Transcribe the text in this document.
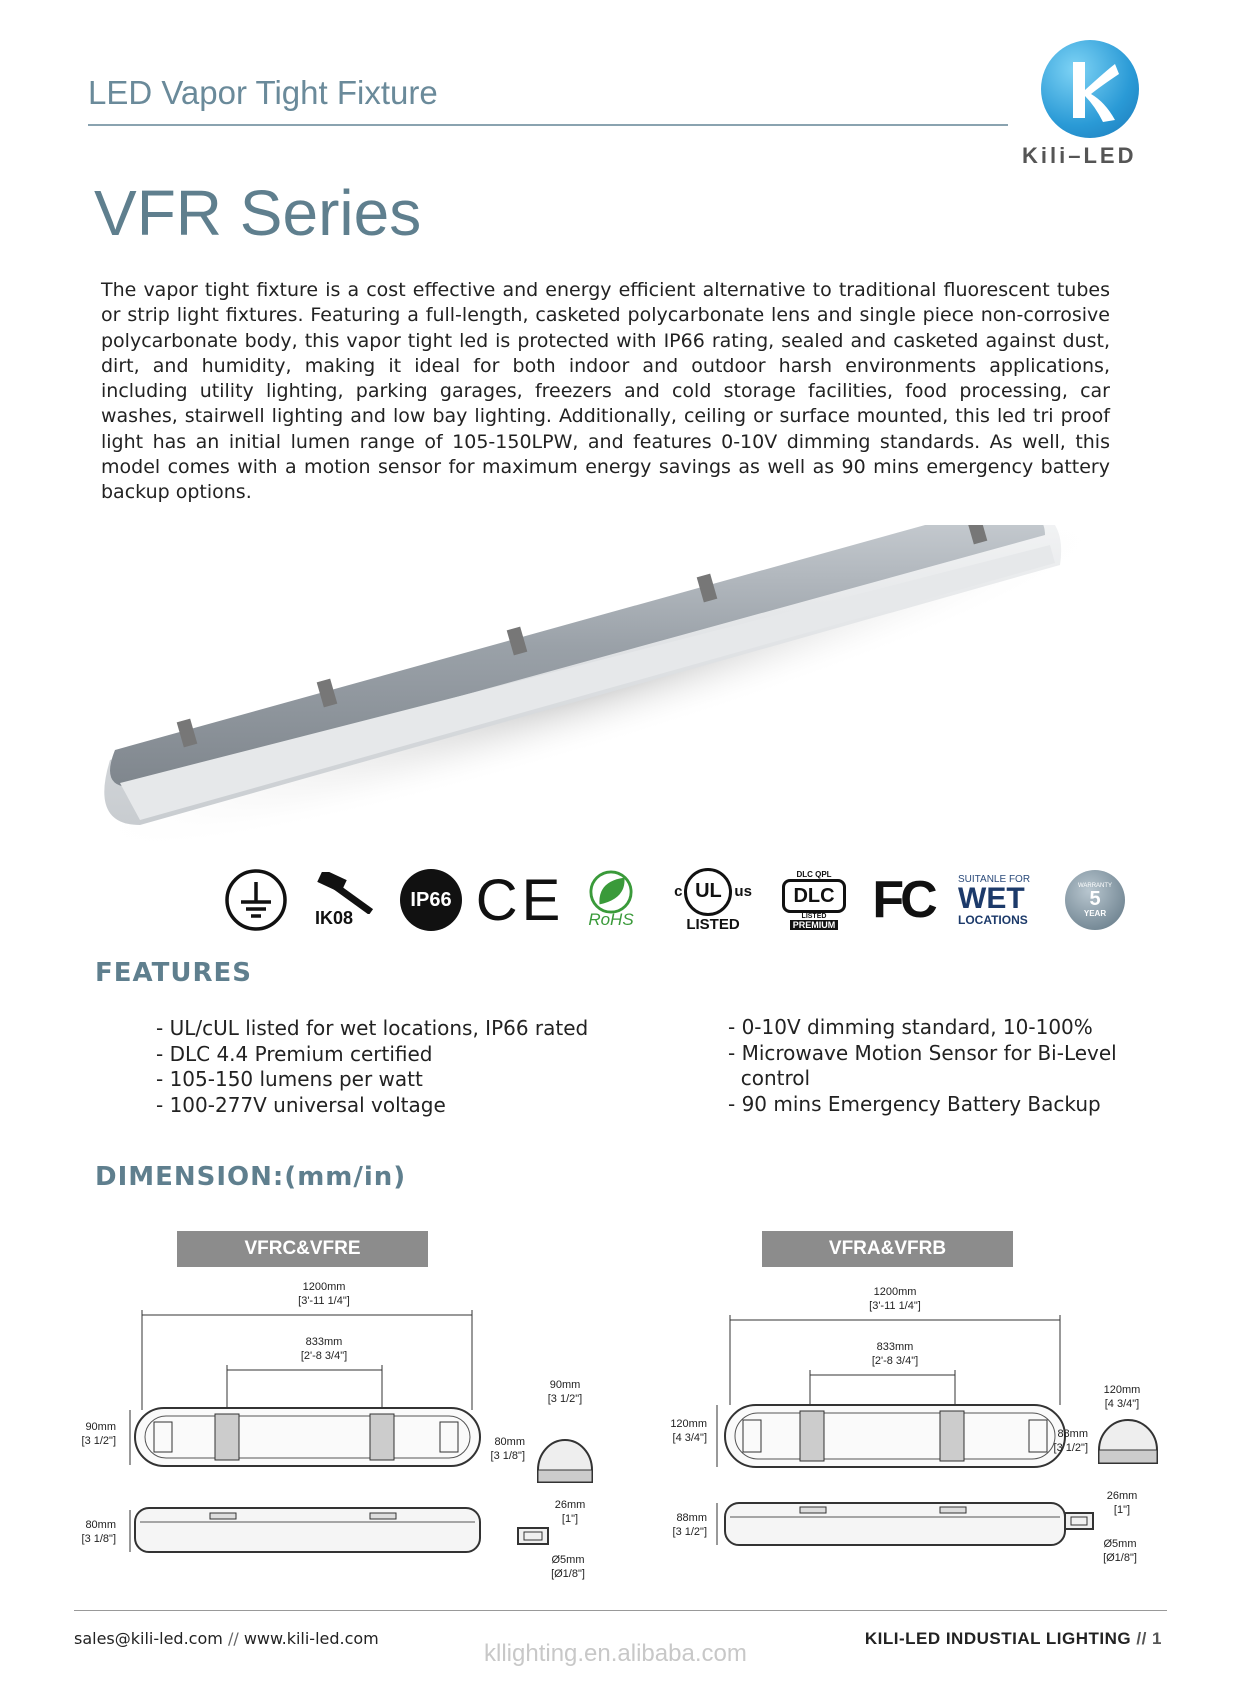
LED Vapor Tight Fixture
Kili–LED
VFR Series

The vapor tight fixture is a cost effective and energy efficient alternative to traditional fluorescent tubes or strip light fixtures. Featuring a full-length, casketed polycarbonate lens and single piece non-corrosive polycarbonate body, this vapor tight led is protected with IP66 rating, sealed and casketed against dust, dirt, and humidity, making it ideal for both indoor and outdoor harsh environments applications, including utility lighting, parking garages, freezers and cold storage facilities, food processing, car washes, stairwell lighting and low bay lighting. Additionally, ceiling or surface mounted, this led tri proof light has an initial lumen range of 105-150LPW, and features 0-10V dimming standards. As well, this model comes with a motion sensor for maximum energy savings as well as 90 mins emergency battery backup options.

IK08
IP66 CE RoHS
c UL us
LISTED
DLC QPL
DLC
LISTED
PREMIUM FC SUITANLE FOR
WET
LOCATIONS
WARRANTY
5
YEAR
FEATURES
- UL/cUL listed for wet locations, IP66 rated
- DLC 4.4 Premium certified
- 105-150 lumens per watt
- 100-277V universal voltage
- 0-10V dimming standard, 10-100%
- Microwave Motion Sensor for Bi-Level
control
- 90 mins Emergency Battery Backup
DIMENSION:(mm/in)
VFRC&VFRE	VFRA&VFRB
1200mm
[3'-11 1/4"]
833mm
[2'-8 3/4"]
90mm
[3 1/2"]
80mm
[3 1/8"]
90mm
[3 1/2"]
80mm
[3 1/8"]
26mm
[1"]
Ø5mm
[Ø1/8"]
1200mm
[3'-11 1/4"]
833mm
[2'-8 3/4"]
120mm
[4 3/4"]
88mm
[3 1/2"]
120mm
[4 3/4"]
88mm
[3 1/2"]
26mm
[1"]
Ø5mm
[Ø1/8"]
sales@kili-led.com // www.kili-led.com
kllighting.en.alibaba.com
KILI-LED INDUSTIAL LIGHTING // 1
